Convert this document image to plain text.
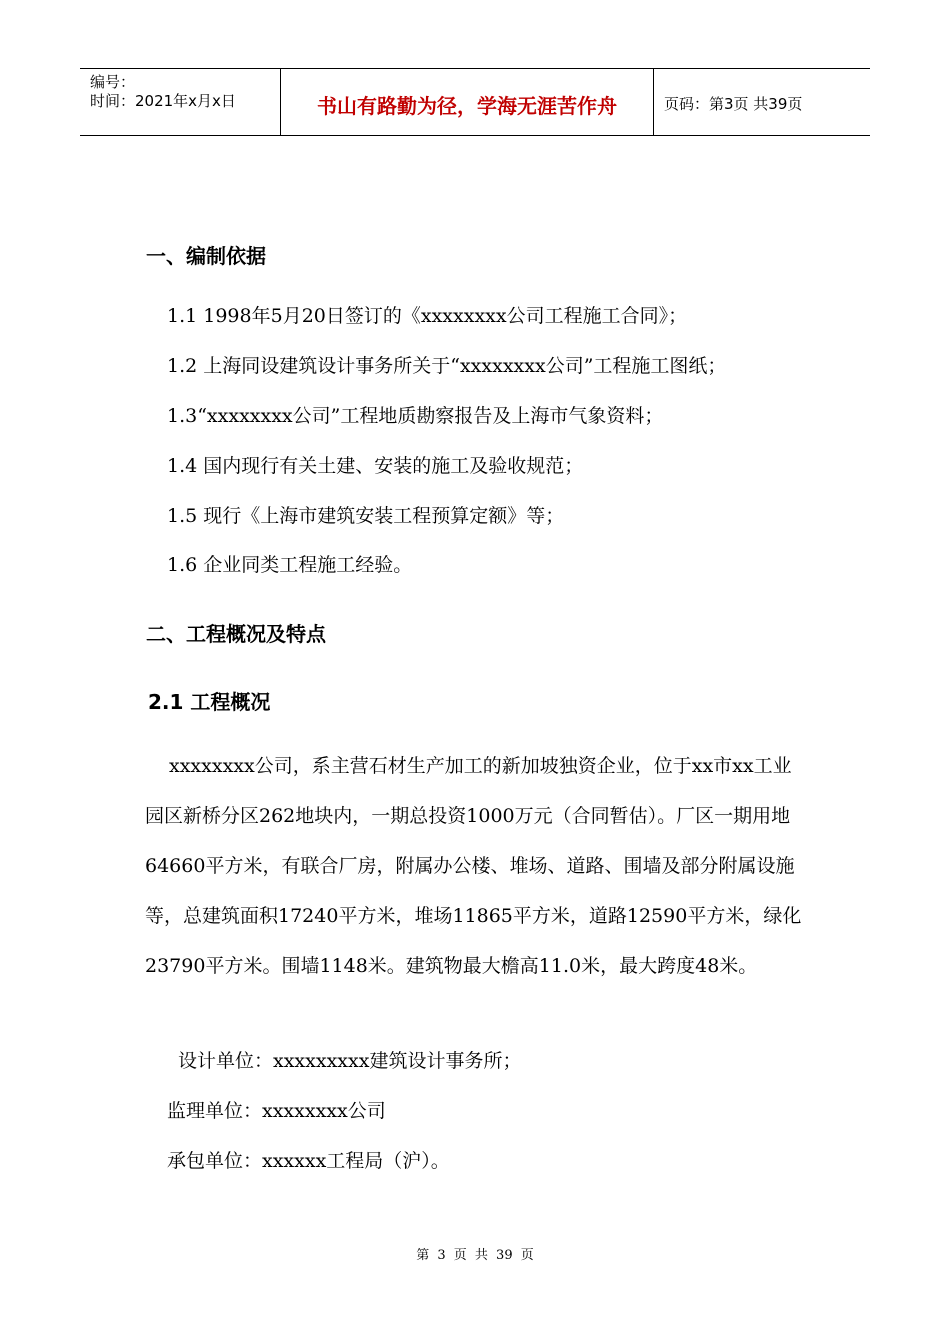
编号：
时间：2021年x月x日	书山有路勤为径，学海无涯苦作舟	页码：第3页 共39页
一、编制依据
1.1 1998年5月20日签订的《xxxxxxxx公司工程施工合同》；
1.2 上海同设建筑设计事务所关于“xxxxxxxx公司”工程施工图纸；
1.3“xxxxxxxx公司”工程地质勘察报告及上海市气象资料；
1.4 国内现行有关土建、安装的施工及验收规范；
1.5 现行《上海市建筑安装工程预算定额》等；
1.6 企业同类工程施工经验。
二、工程概况及特点
2.1 工程概况
xxxxxxxx公司，系主营石材生产加工的新加坡独资企业，位于xx市xx工业园区新桥分区262地块内，一期总投资1000万元（合同暂估）。厂区一期用地 64660平方米，有联合厂房，附属办公楼、堆场、道路、围墙及部分附属设施等，总建筑面积17240平方米，堆场11865平方米，道路12590平方米，绿化23790平方米。围墙1148米。建筑物最大檐高11.0米，最大跨度48米。
设计单位：xxxxxxxxx建筑设计事务所；
监理单位：xxxxxxxx公司
承包单位：xxxxxx工程局（沪）。
第 3 页 共 39 页
